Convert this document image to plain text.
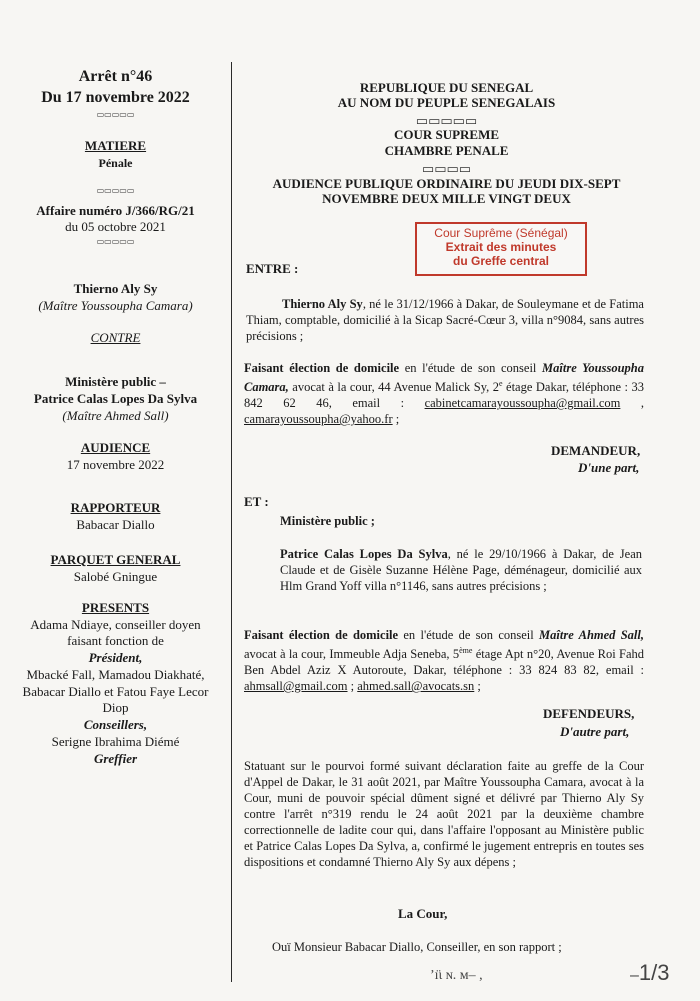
Arrêt n°46
Du 17 novembre 2022
▭▭▭▭▭
MATIERE
Pénale
▭▭▭▭▭
Affaire numéro J/366/RG/21
du 05 octobre 2021
▭▭▭▭▭
Thierno Aly Sy
(Maître Youssoupha Camara)
CONTRE
Ministère public –
Patrice Calas Lopes Da Sylva
(Maître Ahmed Sall)
AUDIENCE
17 novembre 2022
RAPPORTEUR
Babacar Diallo
PARQUET GENERAL
Salobé Gningue
PRESENTS
Adama Ndiaye, conseiller doyen
faisant fonction de
Président,
Mbacké Fall, Mamadou Diakhaté,
Babacar Diallo et Fatou Faye Lecor
Diop
Conseillers,
Serigne Ibrahima Diémé
Greffier
REPUBLIQUE DU SENEGAL
AU NOM DU PEUPLE SENEGALAIS
▭▭▭▭▭
COUR SUPREME
CHAMBRE PENALE
▭▭▭▭
AUDIENCE PUBLIQUE ORDINAIRE DU JEUDI DIX-SEPT
NOVEMBRE DEUX MILLE VINGT DEUX
Cour Suprême (Sénégal)
Extrait des minutes
du Greffe central
ENTRE :
Thierno Aly Sy, né le 31/12/1966 à Dakar, de Souleymane et de Fatima Thiam, comptable, domicilié à la Sicap Sacré-Cœur 3, villa n°9084, sans autres précisions ;
Faisant élection de domicile en l'étude de son conseil Maître Youssoupha Camara, avocat à la cour, 44 Avenue Malick Sy, 2e étage Dakar, téléphone : 33 842 62 46, email : cabinetcamarayoussoupha@gmail.com , camarayoussoupha@yahoo.fr ;
DEMANDEUR,
D'une part,
ET :
Ministère public ;
Patrice Calas Lopes Da Sylva, né le 29/10/1966 à Dakar, de Jean Claude et de Gisèle Suzanne Hélène Page, déménageur, domicilié aux Hlm Grand Yoff villa n°1146, sans autres précisions ;
Faisant élection de domicile en l'étude de son conseil Maître Ahmed Sall, avocat à la cour, Immeuble Adja Seneba, 5ème étage Apt n°20, Avenue Roi Fahd Ben Abdel Aziz X Autoroute, Dakar, téléphone : 33 824 83 82, email : ahmsall@gmail.com ; ahmed.sall@avocats.sn ;
DEFENDEURS,
D'autre part,
Statuant sur le pourvoi formé suivant déclaration faite au greffe de la Cour d'Appel de Dakar, le 31 août 2021, par Maître Youssoupha Camara, avocat à la Cour, muni de pouvoir spécial dûment signé et délivré par Thierno Aly Sy contre l'arrêt n°319 rendu le 24 août 2021 par la deuxième chambre correctionnelle de ladite cour qui, dans l'affaire l'opposant au Ministère public et Patrice Calas Lopes Da Sylva, a, confirmé le jugement entrepris en toutes ses dispositions et condamné Thierno Aly Sy aux dépens ;
La Cour,
Ouï Monsieur Babacar Diallo, Conseiller, en son rapport ;
ʼı̈ɩ ɴ. ᴍ– ,	–1/3
